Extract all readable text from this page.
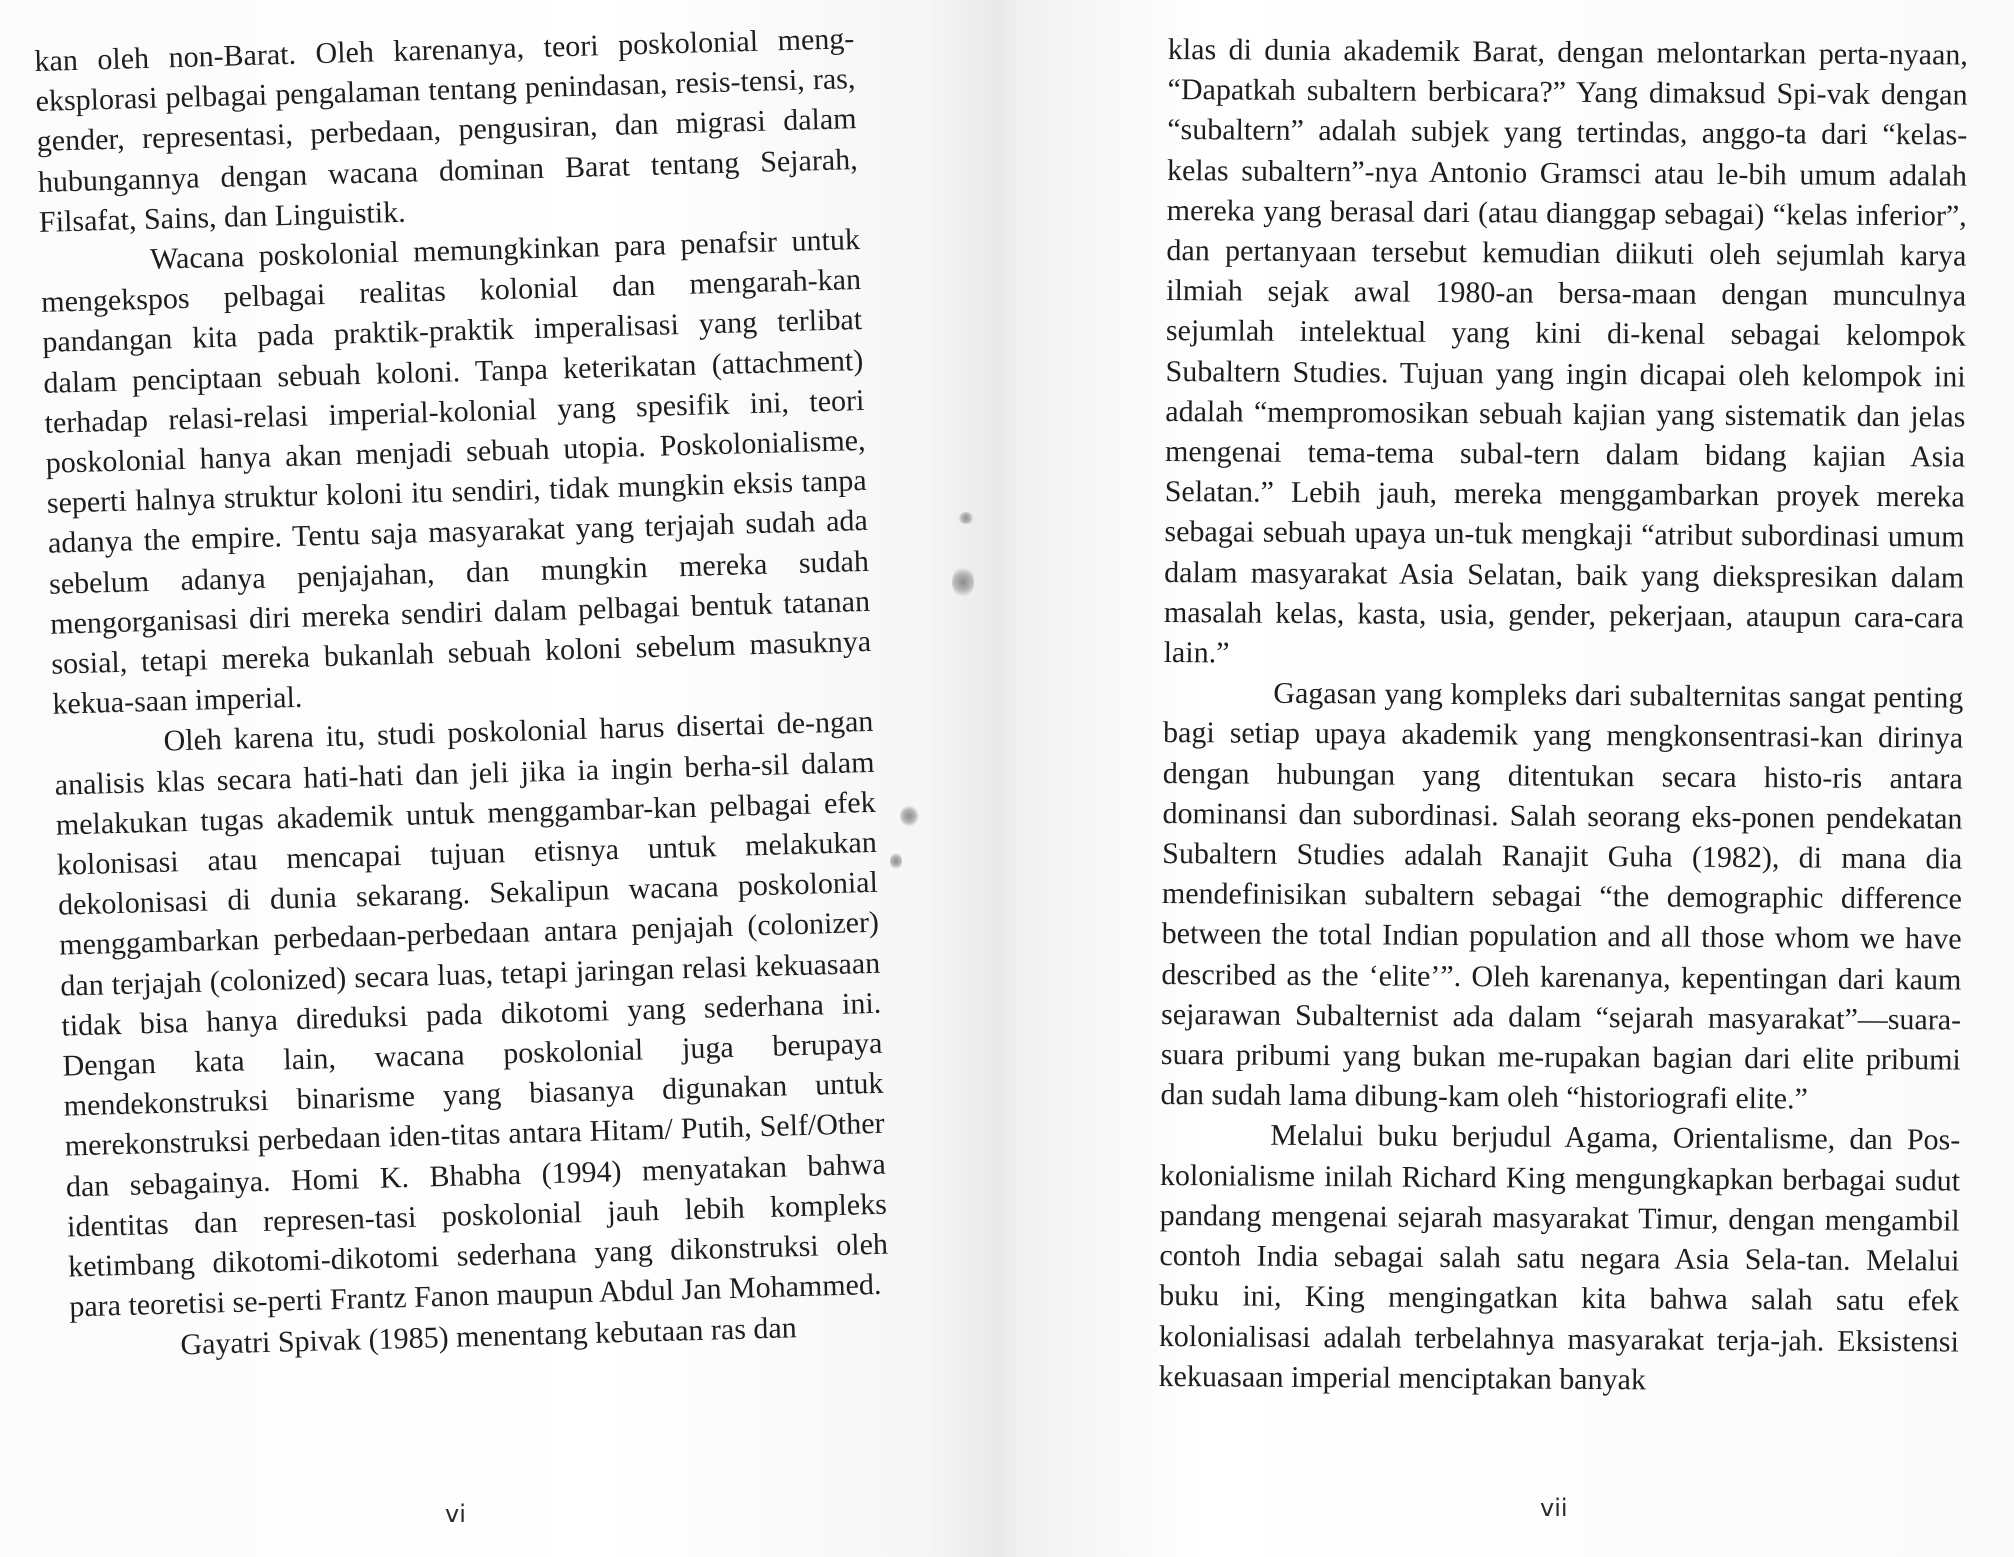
kan oleh non-Barat. Oleh karenanya, teori poskolonial meng-eksplorasi pelbagai pengalaman tentang penindasan, resis-tensi, ras, gender, representasi, perbedaan, pengusiran, dan migrasi dalam hubungannya dengan wacana dominan Barat tentang Sejarah, Filsafat, Sains, dan Linguistik.

Wacana poskolonial memungkinkan para penafsir untuk mengekspos pelbagai realitas kolonial dan mengarah-kan pandangan kita pada praktik-praktik imperalisasi yang terlibat dalam penciptaan sebuah koloni. Tanpa keterikatan (attachment) terhadap relasi-relasi imperial-kolonial yang spesifik ini, teori poskolonial hanya akan menjadi sebuah utopia. Poskolonialisme, seperti halnya struktur koloni itu sendiri, tidak mungkin eksis tanpa adanya the empire. Tentu saja masyarakat yang terjajah sudah ada sebelum adanya penjajahan, dan mungkin mereka sudah mengorganisasi diri mereka sendiri dalam pelbagai bentuk tatanan sosial, tetapi mereka bukanlah sebuah koloni sebelum masuknya kekua-saan imperial.

Oleh karena itu, studi poskolonial harus disertai de-ngan analisis klas secara hati-hati dan jeli jika ia ingin berha-sil dalam melakukan tugas akademik untuk menggambar-kan pelbagai efek kolonisasi atau mencapai tujuan etisnya untuk melakukan dekolonisasi di dunia sekarang. Sekalipun wacana poskolonial menggambarkan perbedaan-perbedaan antara penjajah (colonizer) dan terjajah (colonized) secara luas, tetapi jaringan relasi kekuasaan tidak bisa hanya direduksi pada dikotomi yang sederhana ini. Dengan kata lain, wacana poskolonial juga berupaya mendekonstruksi binarisme yang biasanya digunakan untuk merekonstruksi perbedaan iden-titas antara Hitam/ Putih, Self/Other dan sebagainya. Homi K. Bhabha (1994) menyatakan bahwa identitas dan represen-tasi poskolonial jauh lebih kompleks ketimbang dikotomi-dikotomi sederhana yang dikonstruksi oleh para teoretisi se-perti Frantz Fanon maupun Abdul Jan Mohammed.

Gayatri Spivak (1985) menentang kebutaan ras dan

vi

klas di dunia akademik Barat, dengan melontarkan perta-nyaan, “Dapatkah subaltern berbicara?” Yang dimaksud Spi-vak dengan “subaltern” adalah subjek yang tertindas, anggo-ta dari “kelas-kelas subaltern”-nya Antonio Gramsci atau le-bih umum adalah mereka yang berasal dari (atau dianggap sebagai) “kelas inferior”, dan pertanyaan tersebut kemudian diikuti oleh sejumlah karya ilmiah sejak awal 1980-an bersa-maan dengan munculnya sejumlah intelektual yang kini di-kenal sebagai kelompok Subaltern Studies. Tujuan yang ingin dicapai oleh kelompok ini adalah “mempromosikan sebuah kajian yang sistematik dan jelas mengenai tema-tema subal-tern dalam bidang kajian Asia Selatan.” Lebih jauh, mereka menggambarkan proyek mereka sebagai sebuah upaya un-tuk mengkaji “atribut subordinasi umum dalam masyarakat Asia Selatan, baik yang diekspresikan dalam masalah kelas, kasta, usia, gender, pekerjaan, ataupun cara-cara lain.”

Gagasan yang kompleks dari subalternitas sangat penting bagi setiap upaya akademik yang mengkonsentrasi-kan dirinya dengan hubungan yang ditentukan secara histo-ris antara dominansi dan subordinasi. Salah seorang eks-ponen pendekatan Subaltern Studies adalah Ranajit Guha (1982), di mana dia mendefinisikan subaltern sebagai “the demographic difference between the total Indian population and all those whom we have described as the ‘elite’”. Oleh karenanya, kepentingan dari kaum sejarawan Subalternist ada dalam “sejarah masyarakat”—suara-suara pribumi yang bukan me-rupakan bagian dari elite pribumi dan sudah lama dibung-kam oleh “historiografi elite.”

Melalui buku berjudul Agama, Orientalisme, dan Pos-kolonialisme inilah Richard King mengungkapkan berbagai sudut pandang mengenai sejarah masyarakat Timur, dengan mengambil contoh India sebagai salah satu negara Asia Sela-tan. Melalui buku ini, King mengingatkan kita bahwa salah satu efek kolonialisasi adalah terbelahnya masyarakat terja-jah. Eksistensi kekuasaan imperial menciptakan banyak

vii
